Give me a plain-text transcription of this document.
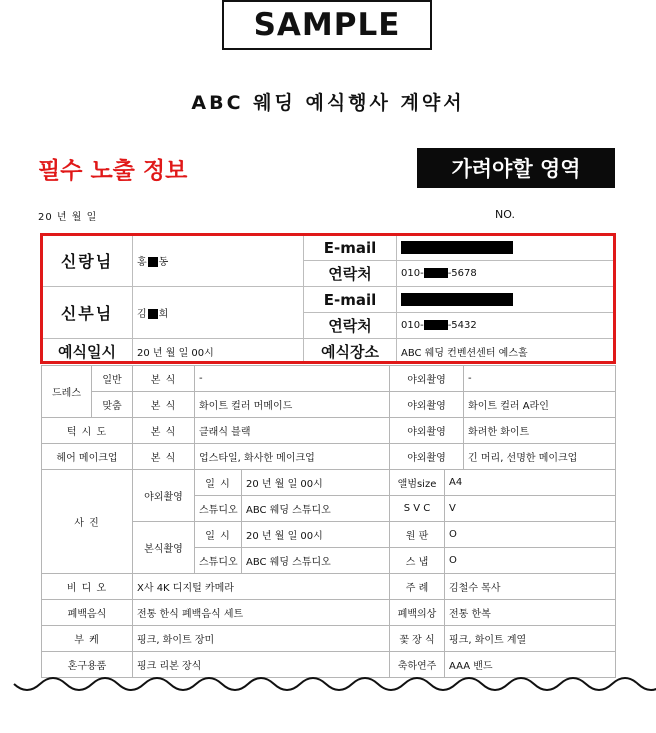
SAMPLE
ABC 웨딩 예식행사 계약서
필수 노출 정보	가려야할 영역
20 년 월 일	NO.
신랑님	홍 동	E-mail	
		연락처	010- -5678
신부님	김 희	E-mail	
		연락처	010- -5432
예식일시	20 년 월 일 00시	예식장소	ABC 웨딩 컨벤션센터 예스홀
드레스	일반	본 식	-		야외촬영		-
	맞춤	본 식	화이트 컬러 머메이드		야외촬영		화이트 컬러 A라인
턱 시 도		본 식	클래식 블랙		야외촬영		화려한 화이트
헤어 메이크업		본 식	업스타일, 화사한 메이크업		야외촬영		긴 머리, 선명한 메이크업
사 진		야외촬영	일 시	20 년 월 일 00시	앨범size	A4	
			스튜디오	ABC 웨딩 스튜디오	S V C	V	
		본식촬영	일 시	20 년 월 일 00시	원 판	O	
			스튜디오	ABC 웨딩 스튜디오	스 냅	O	
비 디 오		X사 4K 디지털 카메라			주 례	김철수 목사	
폐백음식		전통 한식 폐백음식 세트			폐백의상	전통 한복	
부 케		핑크, 화이트 장미			꽃 장 식	핑크, 화이트 계열	
혼구용품		핑크 리본 장식			축하연주	AAA 밴드	
